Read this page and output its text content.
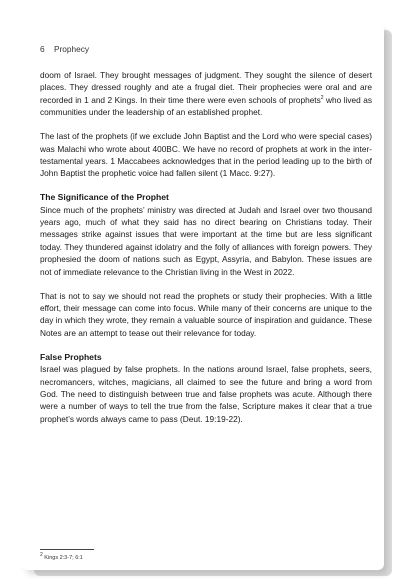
6 Prophecy

doom of Israel. They brought messages of judgment. They sought the silence of desert places. They dressed roughly and ate a frugal diet. Their prophecies were oral and are recorded in 1 and 2 Kings. In their time there were even schools of prophets$^2$ who lived as communities under the leadership of an established prophet.

The last of the prophets (if we exclude John Baptist and the Lord who were special cases) was Malachi who wrote about 400BC. We have no record of prophets at work in the inter-testamental years. 1 Maccabees acknowledges that in the period leading up to the birth of John Baptist the prophetic voice had fallen silent (1 Macc. 9:27).

The Significance of the Prophet

Since much of the prophets’ ministry was directed at Judah and Israel over two thousand years ago, much of what they said has no direct bearing on Christians today. Their messages strike against issues that were important at the time but are less significant today. They thundered against idolatry and the folly of alliances with foreign powers. They prophesied the doom of nations such as Egypt, Assyria, and Babylon. These issues are not of immediate relevance to the Christian living in the West in 2022.

That is not to say we should not read the prophets or study their prophecies. With a little effort, their message can come into focus. While many of their concerns are unique to the day in which they wrote, they remain a valuable source of inspiration and guidance. These Notes are an attempt to tease out their relevance for today.

False Prophets

Israel was plagued by false prophets. In the nations around Israel, false prophets, seers, necromancers, witches, magicians, all claimed to see the future and bring a word from God. The need to distinguish between true and false prophets was acute. Although there were a number of ways to tell the true from the false, Scripture makes it clear that a true prophet’s words always came to pass (Deut. 19:19-22).

$^2$ Kings 2:3-7; 6:1
